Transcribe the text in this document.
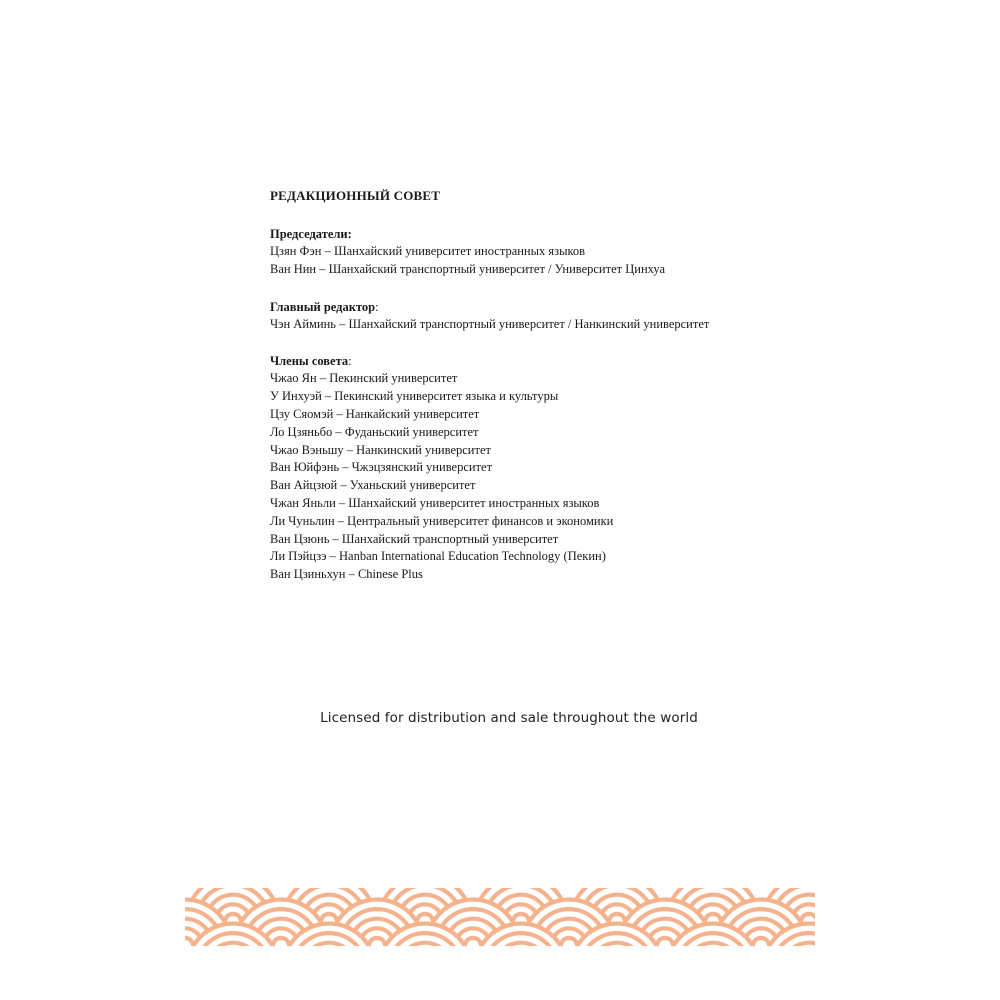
РЕДАКЦИОННЫЙ СОВЕТ
Председатели:
Цзян Фэн – Шанхайский университет иностранных языков
Ван Нин – Шанхайский транспортный университет / Университет Цинхуа
Главный редактор:
Чэн Айминь – Шанхайский транспортный университет / Нанкинский университет
Члены совета:
Чжао Ян – Пекинский университет
У Инхуэй – Пекинский университет языка и культуры
Цзу Сяомэй – Нанкайский университет
Ло Цзяньбо – Фуданьский университет
Чжао Вэньшу – Нанкинский университет
Ван Юйфэнь – Чжэцзянский университет
Ван Айцзюй – Уханьский университет
Чжан Яньли – Шанхайский университет иностранных языков
Ли Чуньлин – Центральный университет финансов и экономики
Ван Цзюнь – Шанхайский транспортный университет
Ли Пэйцзэ – Hanban International Education Technology (Пекин)
Ван Цзиньхун – Chinese Plus
Licensed for distribution and sale throughout the world
